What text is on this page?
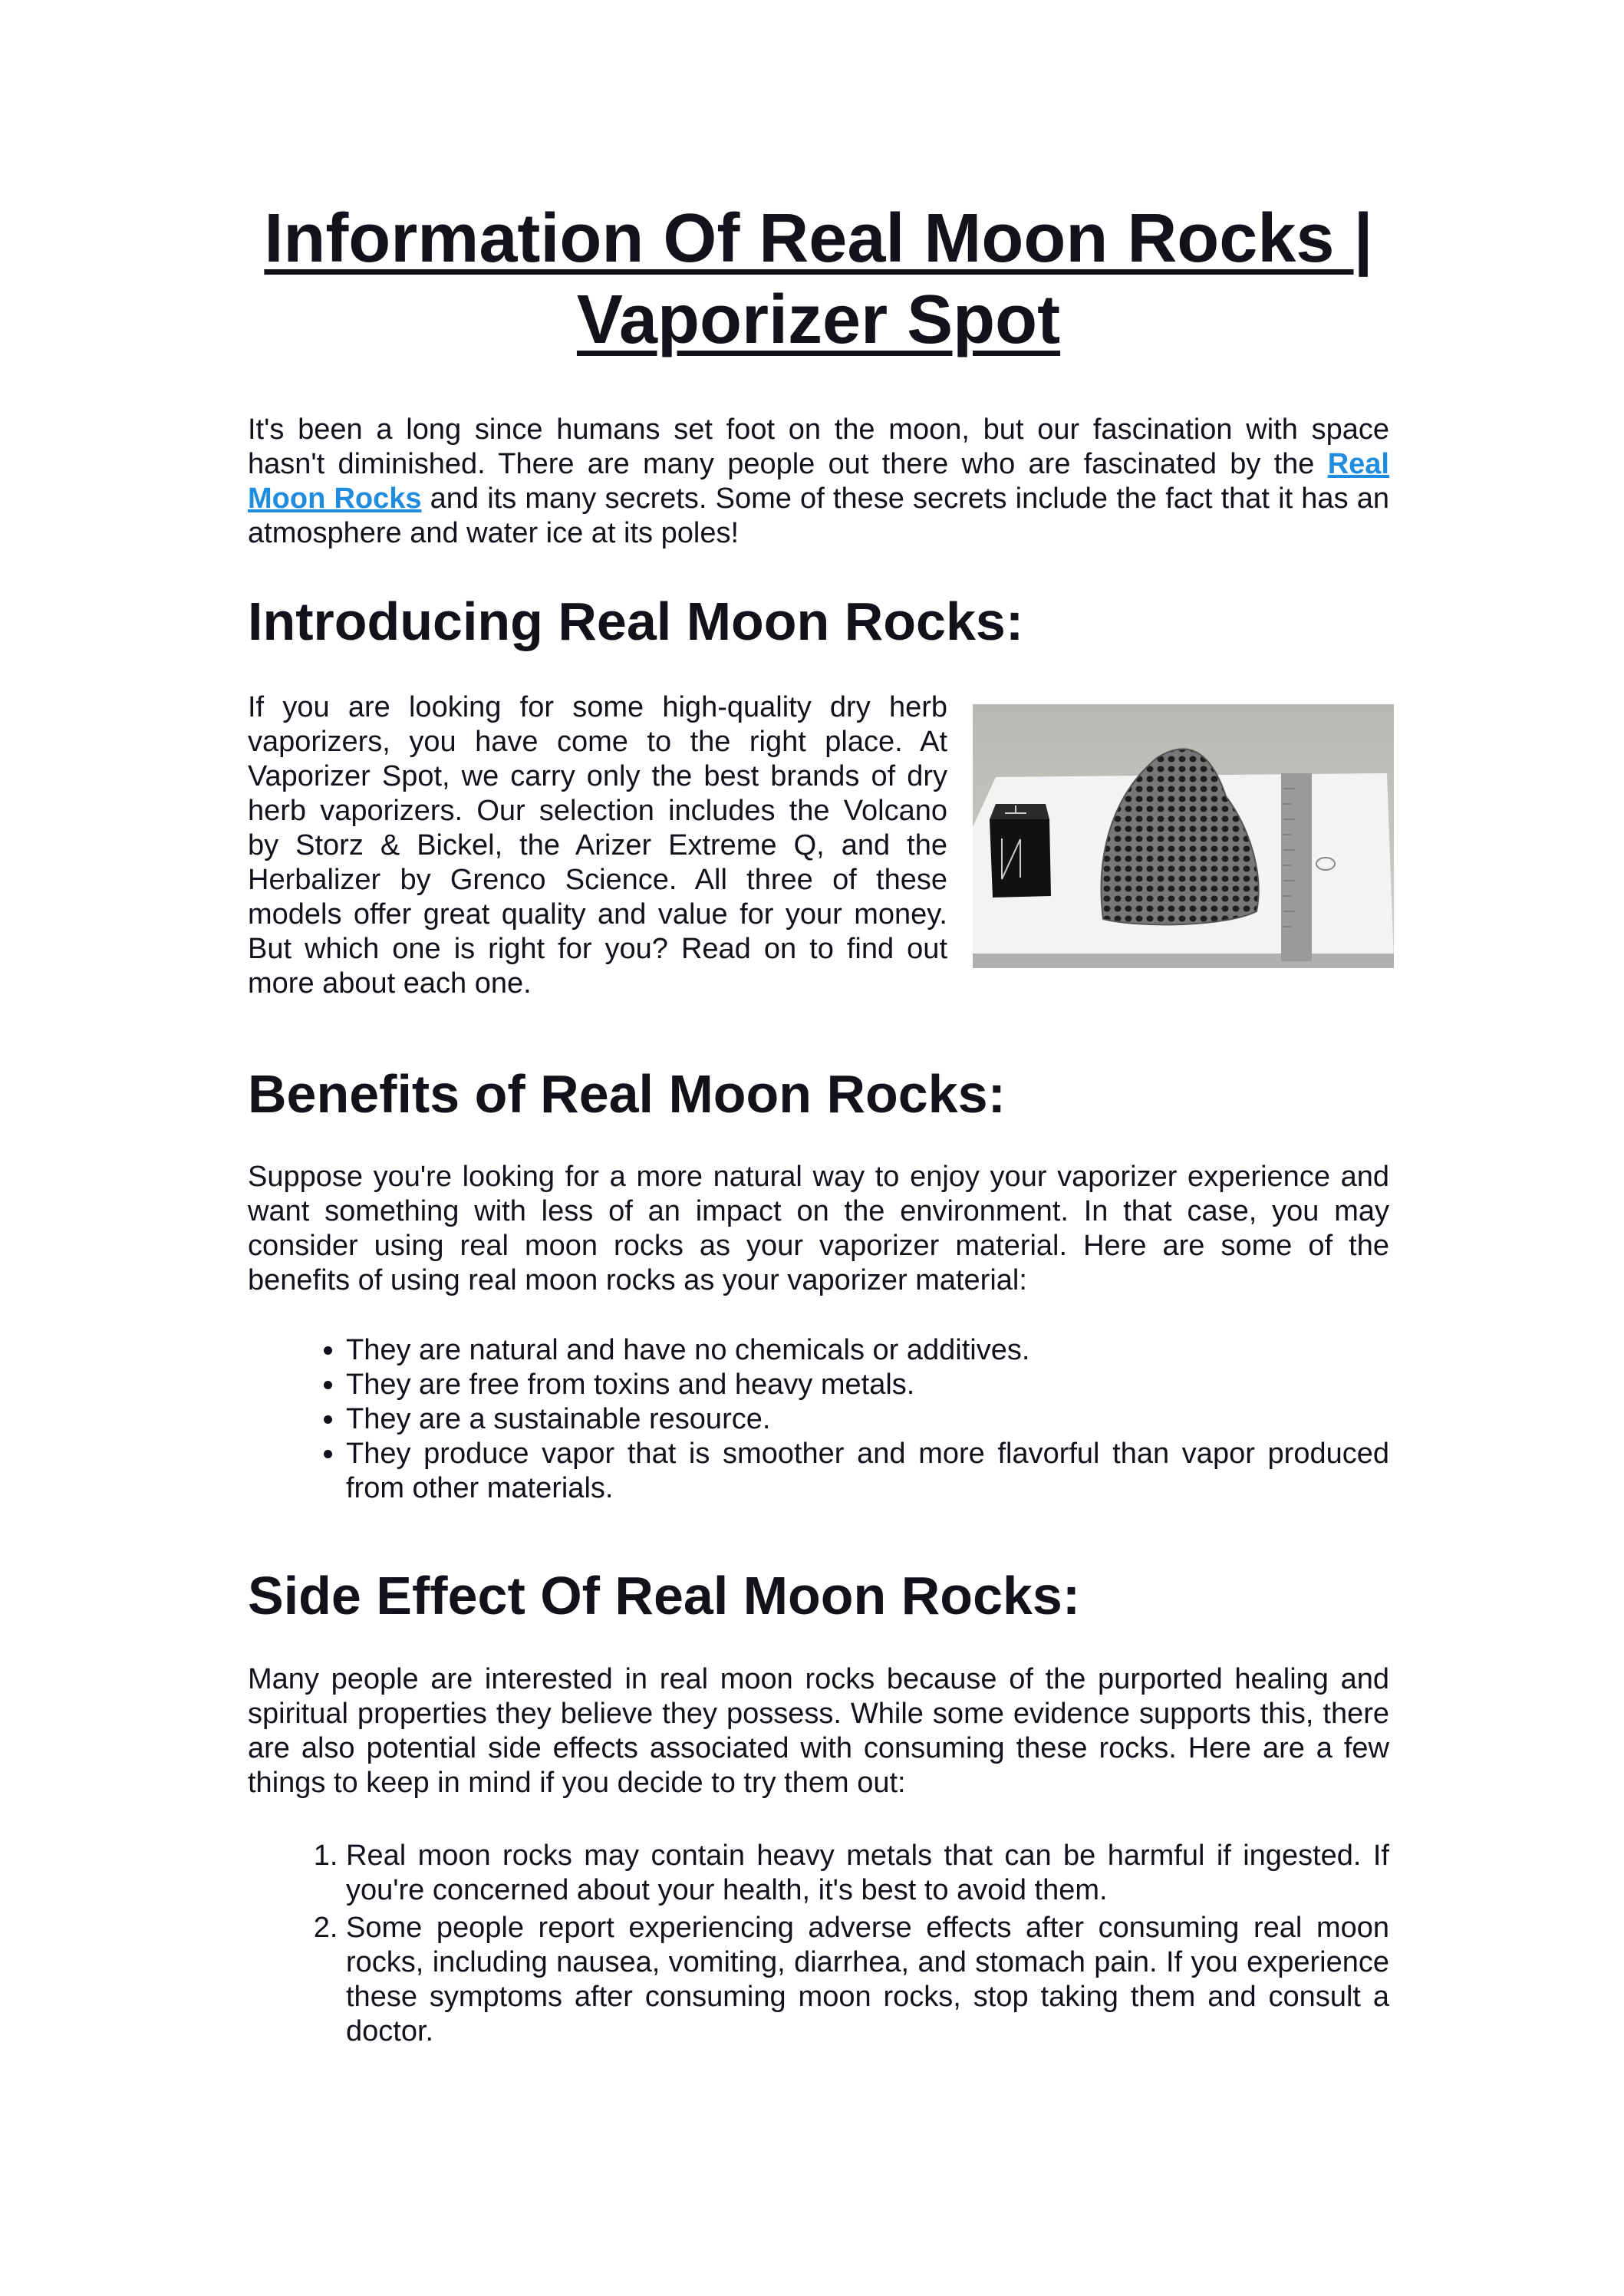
Information Of Real Moon Rocks | Vaporizer Spot

It's been a long since humans set foot on the moon, but our fascination with space hasn't diminished. There are many people out there who are fascinated by the Real Moon Rocks and its many secrets. Some of these secrets include the fact that it has an atmosphere and water ice at its poles!

Introducing Real Moon Rocks:

If you are looking for some high-quality dry herb vaporizers, you have come to the right place. At Vaporizer Spot, we carry only the best brands of dry herb vaporizers. Our selection includes the Volcano by Storz & Bickel, the Arizer Extreme Q, and the Herbalizer by Grenco Science. All three of these models offer great quality and value for your money. But which one is right for you? Read on to find out more about each one.

Benefits of Real Moon Rocks:

Suppose you're looking for a more natural way to enjoy your vaporizer experience and want something with less of an impact on the environment. In that case, you may consider using real moon rocks as your vaporizer material. Here are some of the benefits of using real moon rocks as your vaporizer material:

• They are natural and have no chemicals or additives.
• They are free from toxins and heavy metals.
• They are a sustainable resource.
• They produce vapor that is smoother and more flavorful than vapor produced from other materials.
Side Effect Of Real Moon Rocks:

Many people are interested in real moon rocks because of the purported healing and spiritual properties they believe they possess. While some evidence supports this, there are also potential side effects associated with consuming these rocks. Here are a few things to keep in mind if you decide to try them out:

1. Real moon rocks may contain heavy metals that can be harmful if ingested. If you're concerned about your health, it's best to avoid them.
2. Some people report experiencing adverse effects after consuming real moon rocks, including nausea, vomiting, diarrhea, and stomach pain. If you experience these symptoms after consuming moon rocks, stop taking them and consult a doctor.
